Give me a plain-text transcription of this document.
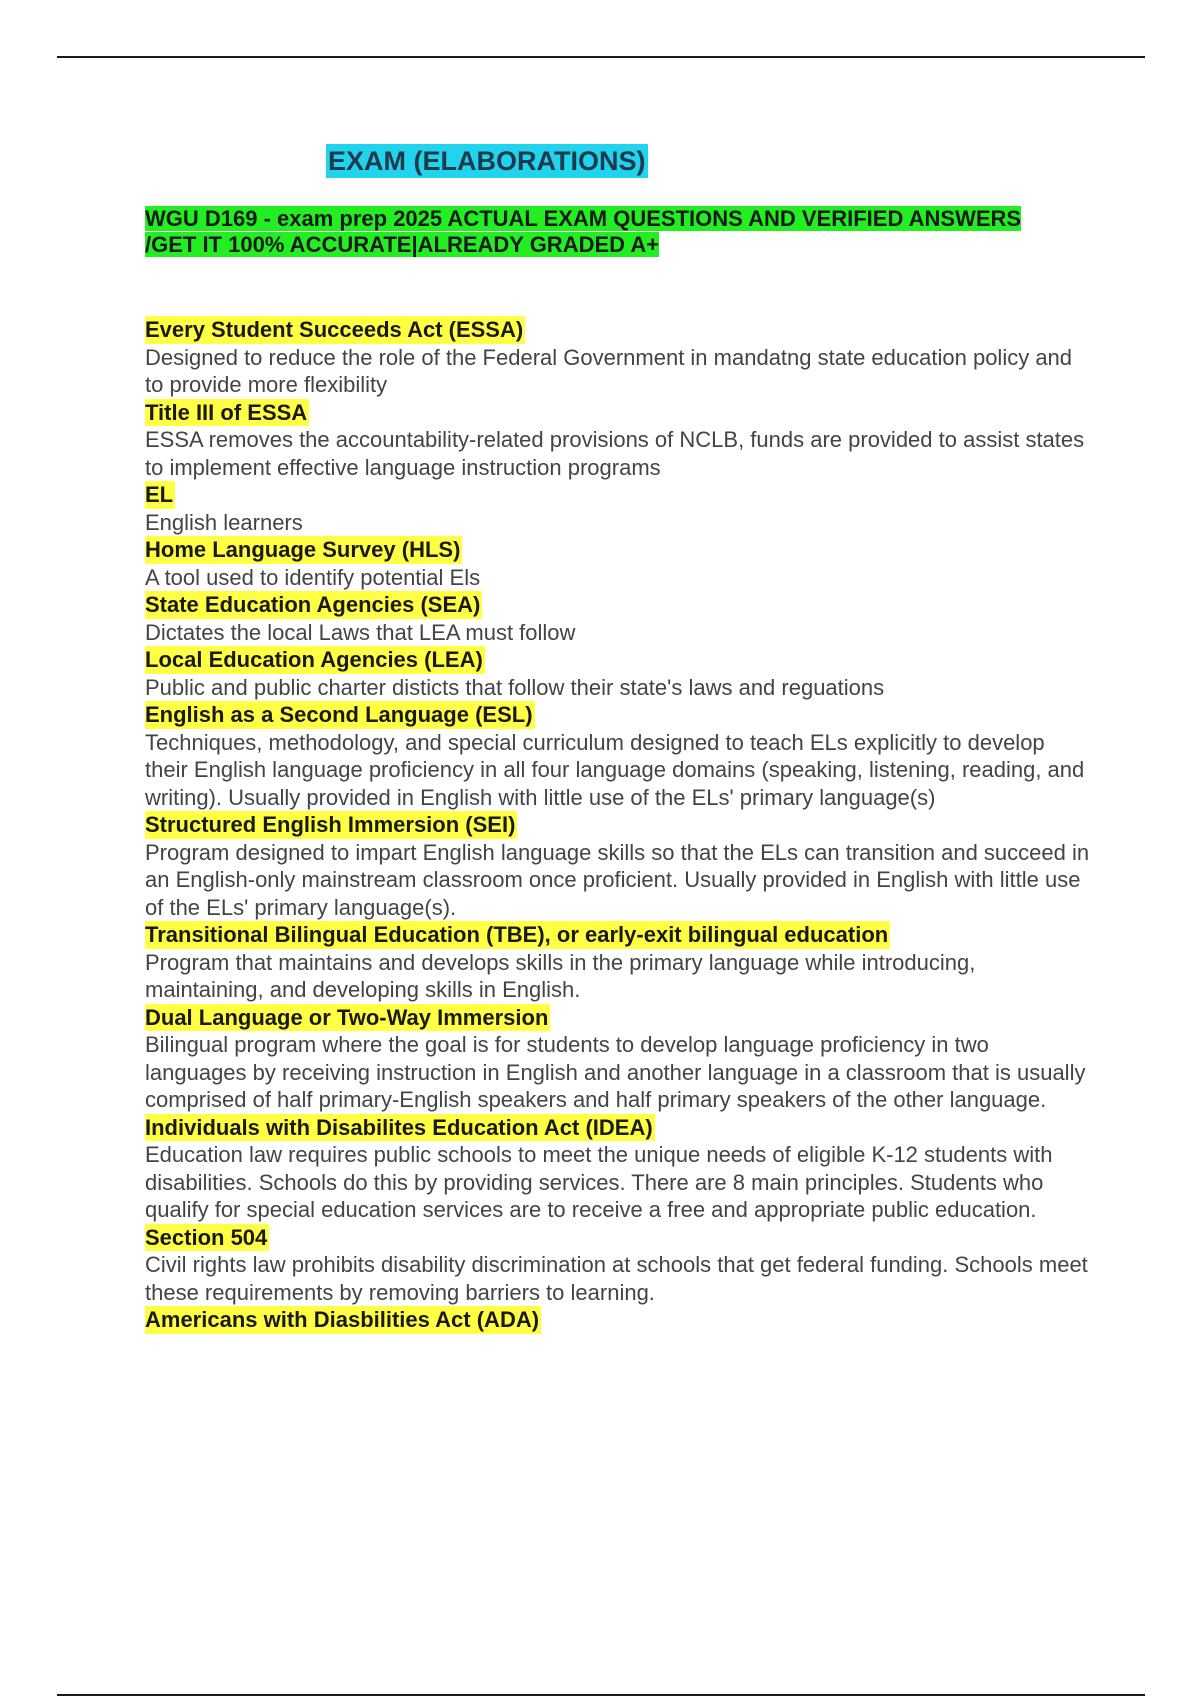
EXAM (ELABORATIONS)
WGU D169 - exam prep 2025 ACTUAL EXAM QUESTIONS AND VERIFIED ANSWERS /GET IT 100% ACCURATE|ALREADY GRADED A+
Every Student Succeeds Act (ESSA)

Designed to reduce the role of the Federal Government in mandatng state education policy and to provide more flexibility

Title III of ESSA

ESSA removes the accountability-related provisions of NCLB, funds are provided to assist states to implement effective language instruction programs

EL

English learners

Home Language Survey (HLS)

A tool used to identify potential Els

State Education Agencies (SEA)

Dictates the local Laws that LEA must follow

Local Education Agencies (LEA)

Public and public charter disticts that follow their state's laws and reguations

English as a Second Language (ESL)

Techniques, methodology, and special curriculum designed to teach ELs explicitly to develop their English language proficiency in all four language domains (speaking, listening, reading, and writing). Usually provided in English with little use of the ELs' primary language(s)

Structured English Immersion (SEI)

Program designed to impart English language skills so that the ELs can transition and succeed in an English-only mainstream classroom once proficient. Usually provided in English with little use of the ELs' primary language(s).

Transitional Bilingual Education (TBE), or early-exit bilingual education

Program that maintains and develops skills in the primary language while introducing, maintaining, and developing skills in English.

Dual Language or Two-Way Immersion

Bilingual program where the goal is for students to develop language proficiency in two languages by receiving instruction in English and another language in a classroom that is usually comprised of half primary-English speakers and half primary speakers of the other language.

Individuals with Disabilites Education Act (IDEA)

Education law requires public schools to meet the unique needs of eligible K-12 students with disabilities. Schools do this by providing services. There are 8 main principles. Students who qualify for special education services are to receive a free and appropriate public education.

Section 504

Civil rights law prohibits disability discrimination at schools that get federal funding. Schools meet these requirements by removing barriers to learning.

Americans with Diasbilities Act (ADA)
